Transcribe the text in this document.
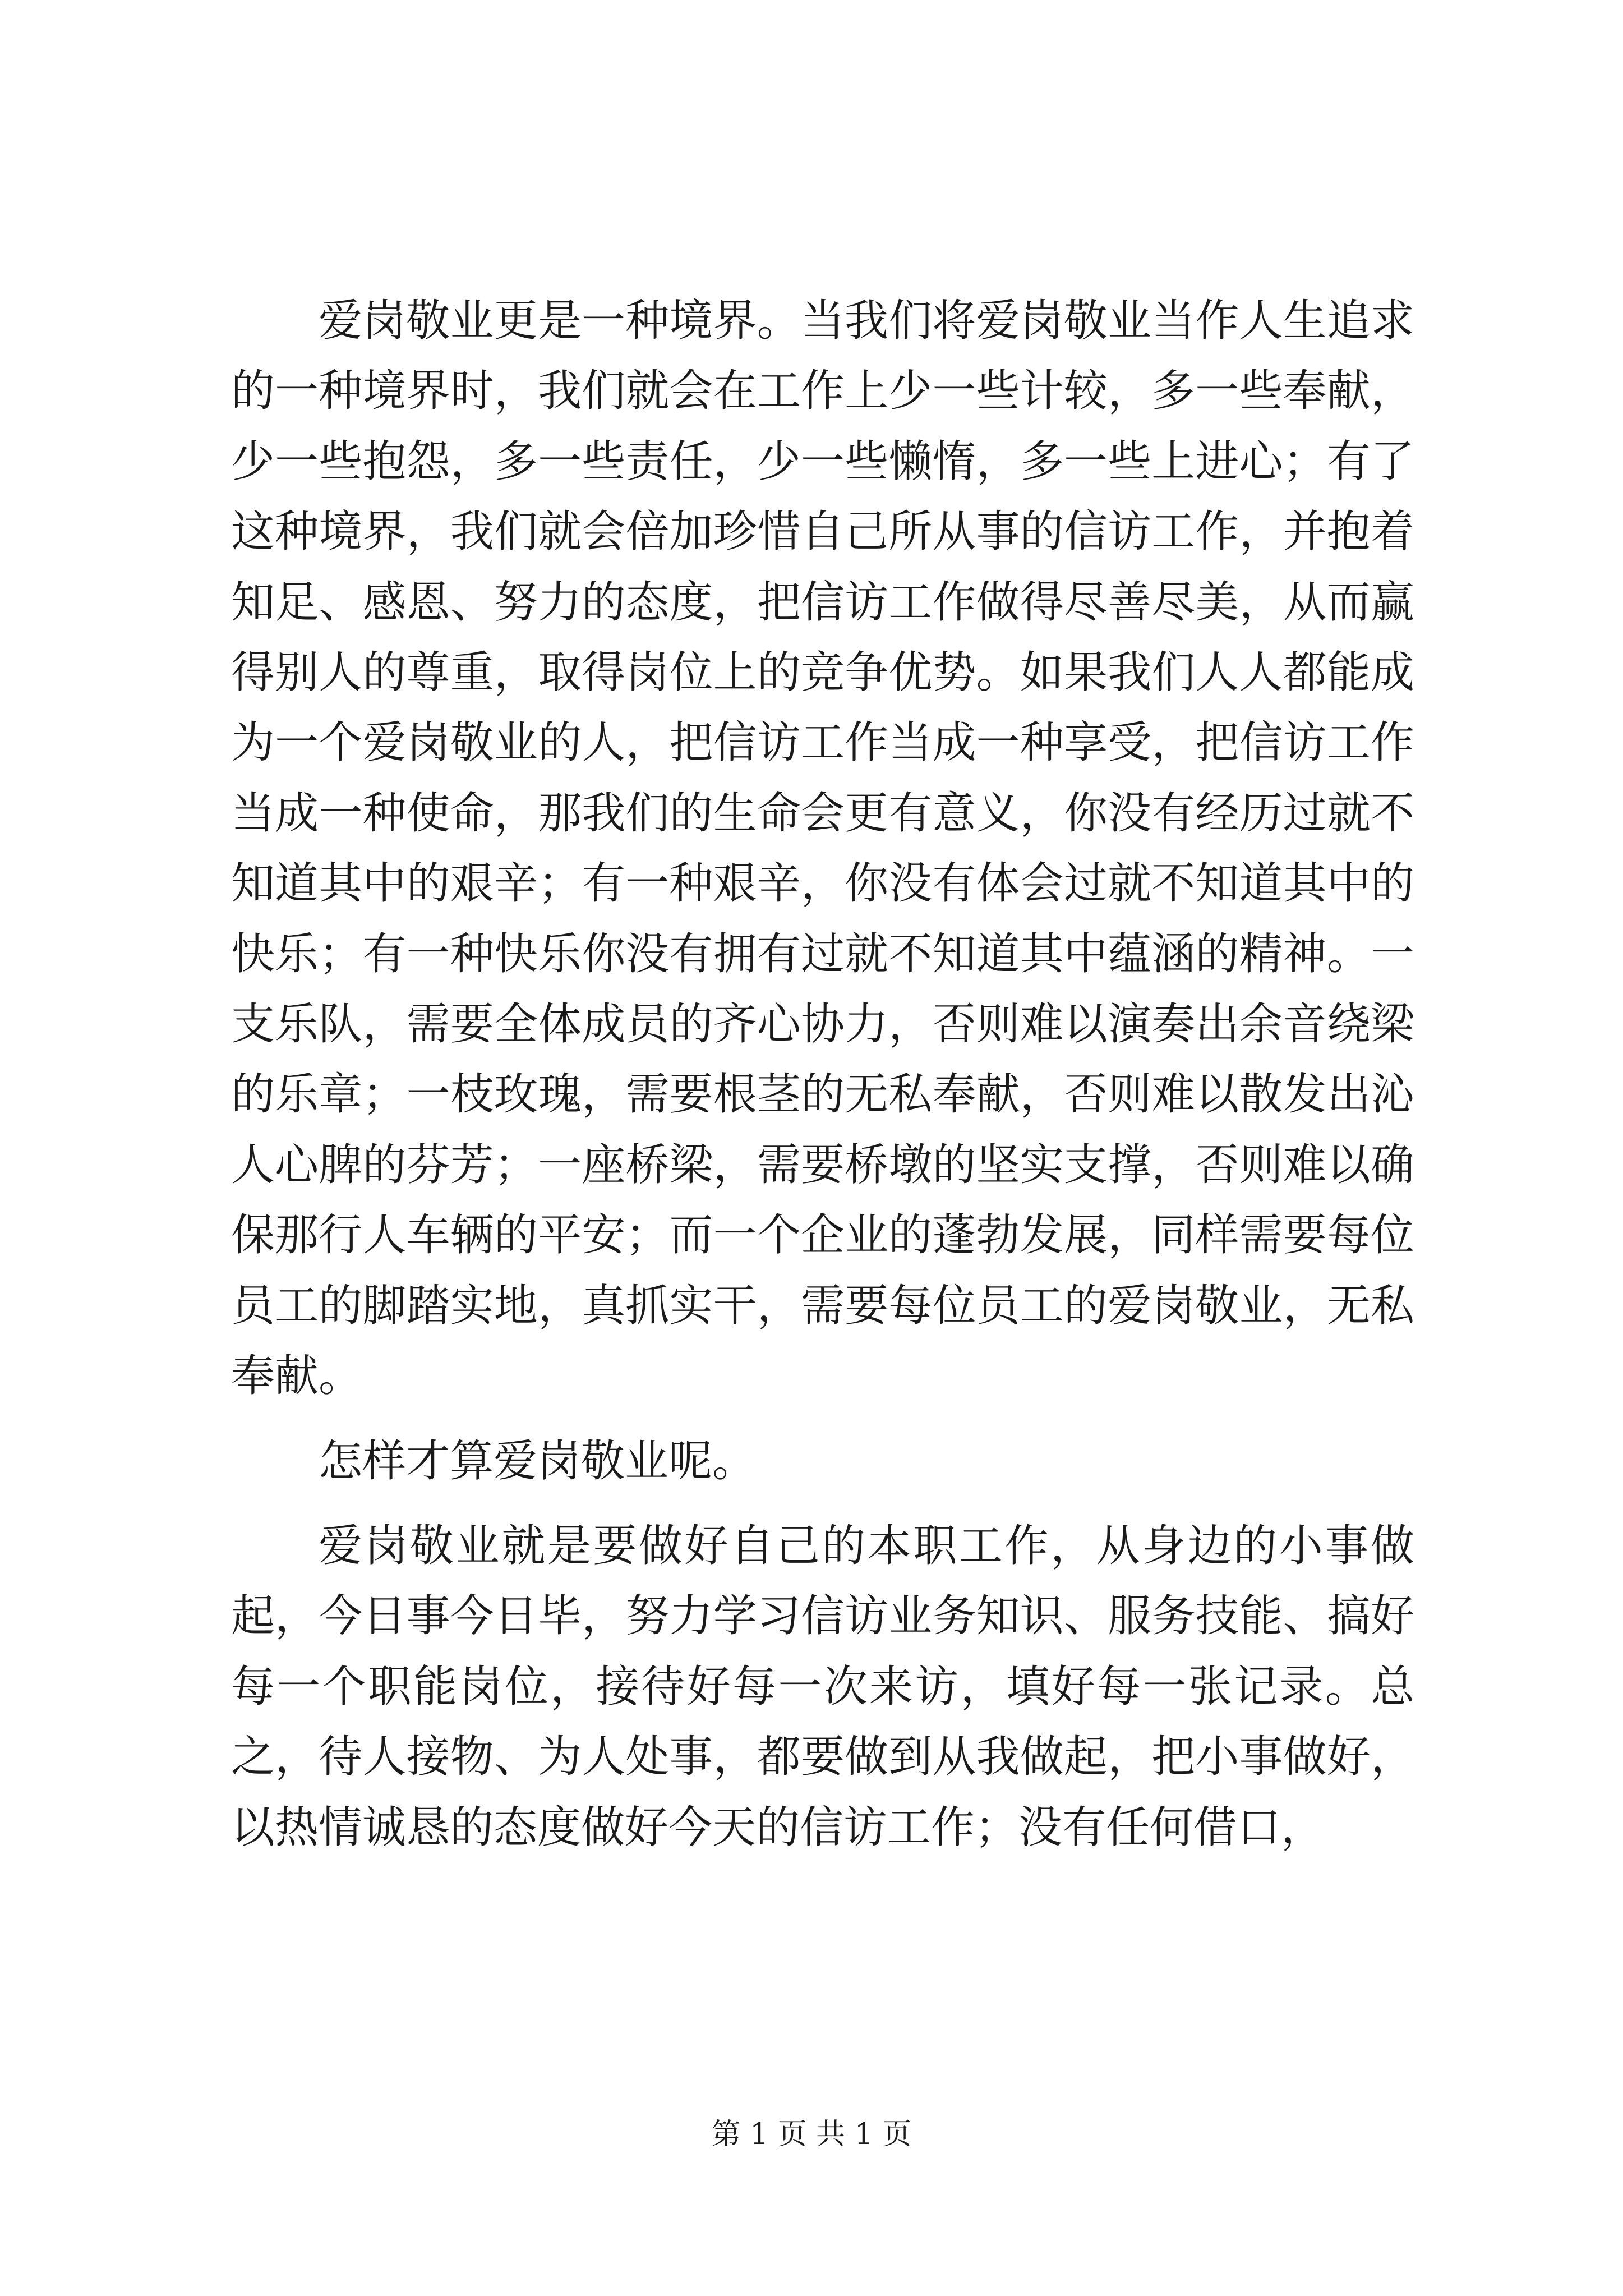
爱岗敬业更是一种境界。当我们将爱岗敬业当作人生追求的一种境界时，我们就会在工作上少一些计较，多一些奉献，少一些抱怨，多一些责任，少一些懒惰，多一些上进心；有了这种境界，我们就会倍加珍惜自己所从事的信访工作，并抱着知足、感恩、努力的态度，把信访工作做得尽善尽美，从而赢得别人的尊重，取得岗位上的竞争优势。如果我们人人都能成为一个爱岗敬业的人，把信访工作当成一种享受，把信访工作当成一种使命，那我们的生命会更有意义，你没有经历过就不知道其中的艰辛；有一种艰辛，你没有体会过就不知道其中的快乐；有一种快乐你没有拥有过就不知道其中蕴涵的精神。一支乐队，需要全体成员的齐心协力，否则难以演奏出余音绕梁的乐章；一枝玫瑰，需要根茎的无私奉献，否则难以散发出沁人心脾的芬芳；一座桥梁，需要桥墩的坚实支撑，否则难以确保那行人车辆的平安；而一个企业的蓬勃发展，同样需要每位员工的脚踏实地，真抓实干，需要每位员工的爱岗敬业，无私奉献。

怎样才算爱岗敬业呢。

爱岗敬业就是要做好自己的本职工作，从身边的小事做起，今日事今日毕，努力学习信访业务知识、服务技能、搞好每一个职能岗位，接待好每一次来访，填好每一张记录。总之，待人接物、为人处事，都要做到从我做起，把小事做好，以热情诚恳的态度做好今天的信访工作；没有任何借口，

第 1 页 共 1 页
